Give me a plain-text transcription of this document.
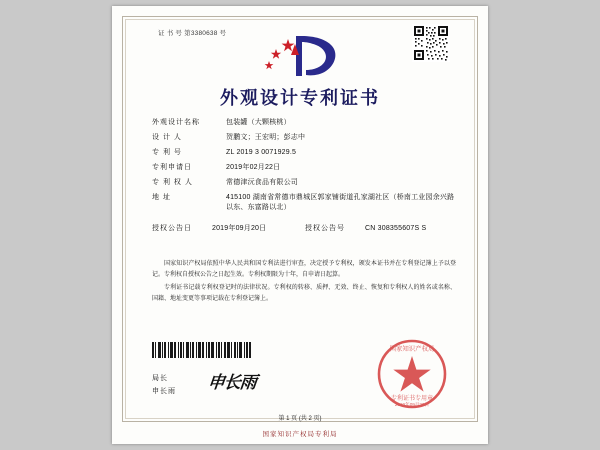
证 书 号 第3380638 号
外观设计专利证书
外观设计名称	包装罐（大颗核桃）
设 计 人	贺鹏文；王宏明；彭志中
专 利 号	ZL 2019 3 0071929.5
专利申请日	2019年02月22日
专 利 权 人	常德津沅食品有限公司
地 址	415100 湖南省常德市鼎城区郭家铺街道孔家湖社区（桥南工业园余兴路以东、东富路以北）
授权公告日	2019年09月20日	授权公告号	CN 308355607S S

国家知识产权局依照中华人民共和国专利法进行审查，决定授予专利权，颁发本证书并在专利登记簿上予以登记。专利权自授权公告之日起生效。专利权期限为十年，自申请日起算。

专利证书记载专利权登记时的法律状况。专利权的转移、质押、无效、终止、恢复和专利权人的姓名或名称、国籍、地址变更等事项记载在专利登记簿上。

局长
申长雨 申长雨
国家知识产权局
专利证书专用章
2019年09月20日
第 1 页 (共 2 页)
国家知识产权局专利局
